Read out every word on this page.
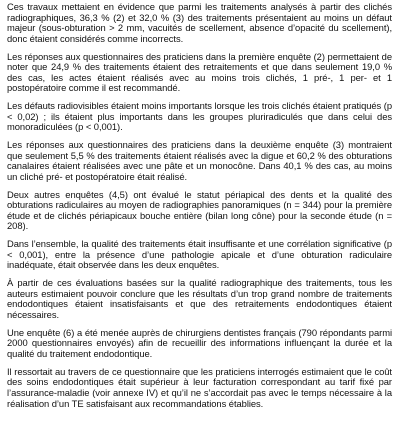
Ces travaux mettaient en évidence que parmi les traitements analysés à partir des clichés radiographiques, 36,3 % (2) et 32,0 % (3) des traitements présentaient au moins un défaut majeur (sous-obturation > 2 mm, vacuités de scellement, absence d’opacité du scellement), donc étaient considérés comme incorrects.

Les réponses aux questionnaires des praticiens dans la première enquête (2) permettaient de noter que 24,9 % des traitements étaient des retraitements et que dans seulement 19,0 % des cas, les actes étaient réalisés avec au moins trois clichés, 1 pré-, 1 per- et 1 postopératoire comme il est recommandé.

Les défauts radiovisibles étaient moins importants lorsque les trois clichés étaient pratiqués (p < 0,02) ; ils étaient plus importants dans les groupes pluriradiculés que dans celui des monoradiculées (p < 0,001).

Les réponses aux questionnaires des praticiens dans la deuxième enquête (3) montraient que seulement 5,5 % des traitements étaient réalisés avec la digue et 60,2 % des obturations canalaires étaient réalisées avec une pâte et un monocône. Dans 40,1 % des cas, au moins un cliché pré- et postopératoire était réalisé.

Deux autres enquêtes (4,5) ont évalué le statut périapical des dents et la qualité des obturations radiculaires au moyen de radiographies panoramiques (n = 344) pour la première étude et de clichés périapicaux bouche entière (bilan long cône) pour la seconde étude (n = 208).

Dans l’ensemble, la qualité des traitements était insuffisante et une corrélation significative (p < 0,001), entre la présence d’une pathologie apicale et d’une obturation radiculaire inadéquate, était observée dans les deux enquêtes.

À partir de ces évaluations basées sur la qualité radiographique des traitements, tous les auteurs estimaient pouvoir conclure que les résultats d’un trop grand nombre de traitements endodontiques étaient insatisfaisants et que des retraitements endodontiques étaient nécessaires.

Une enquête (6) a été menée auprès de chirurgiens dentistes français (790 répondants parmi 2000 questionnaires envoyés) afin de recueillir des informations influençant la durée et la qualité du traitement endodontique.

Il ressortait au travers de ce questionnaire que les praticiens interrogés estimaient que le coût des soins endodontiques était supérieur à leur facturation correspondant au tarif fixé par l’assurance-maladie (voir annexe IV) et qu’il ne s’accordait pas avec le temps nécessaire à la réalisation d’un TE satisfaisant aux recommandations établies.
